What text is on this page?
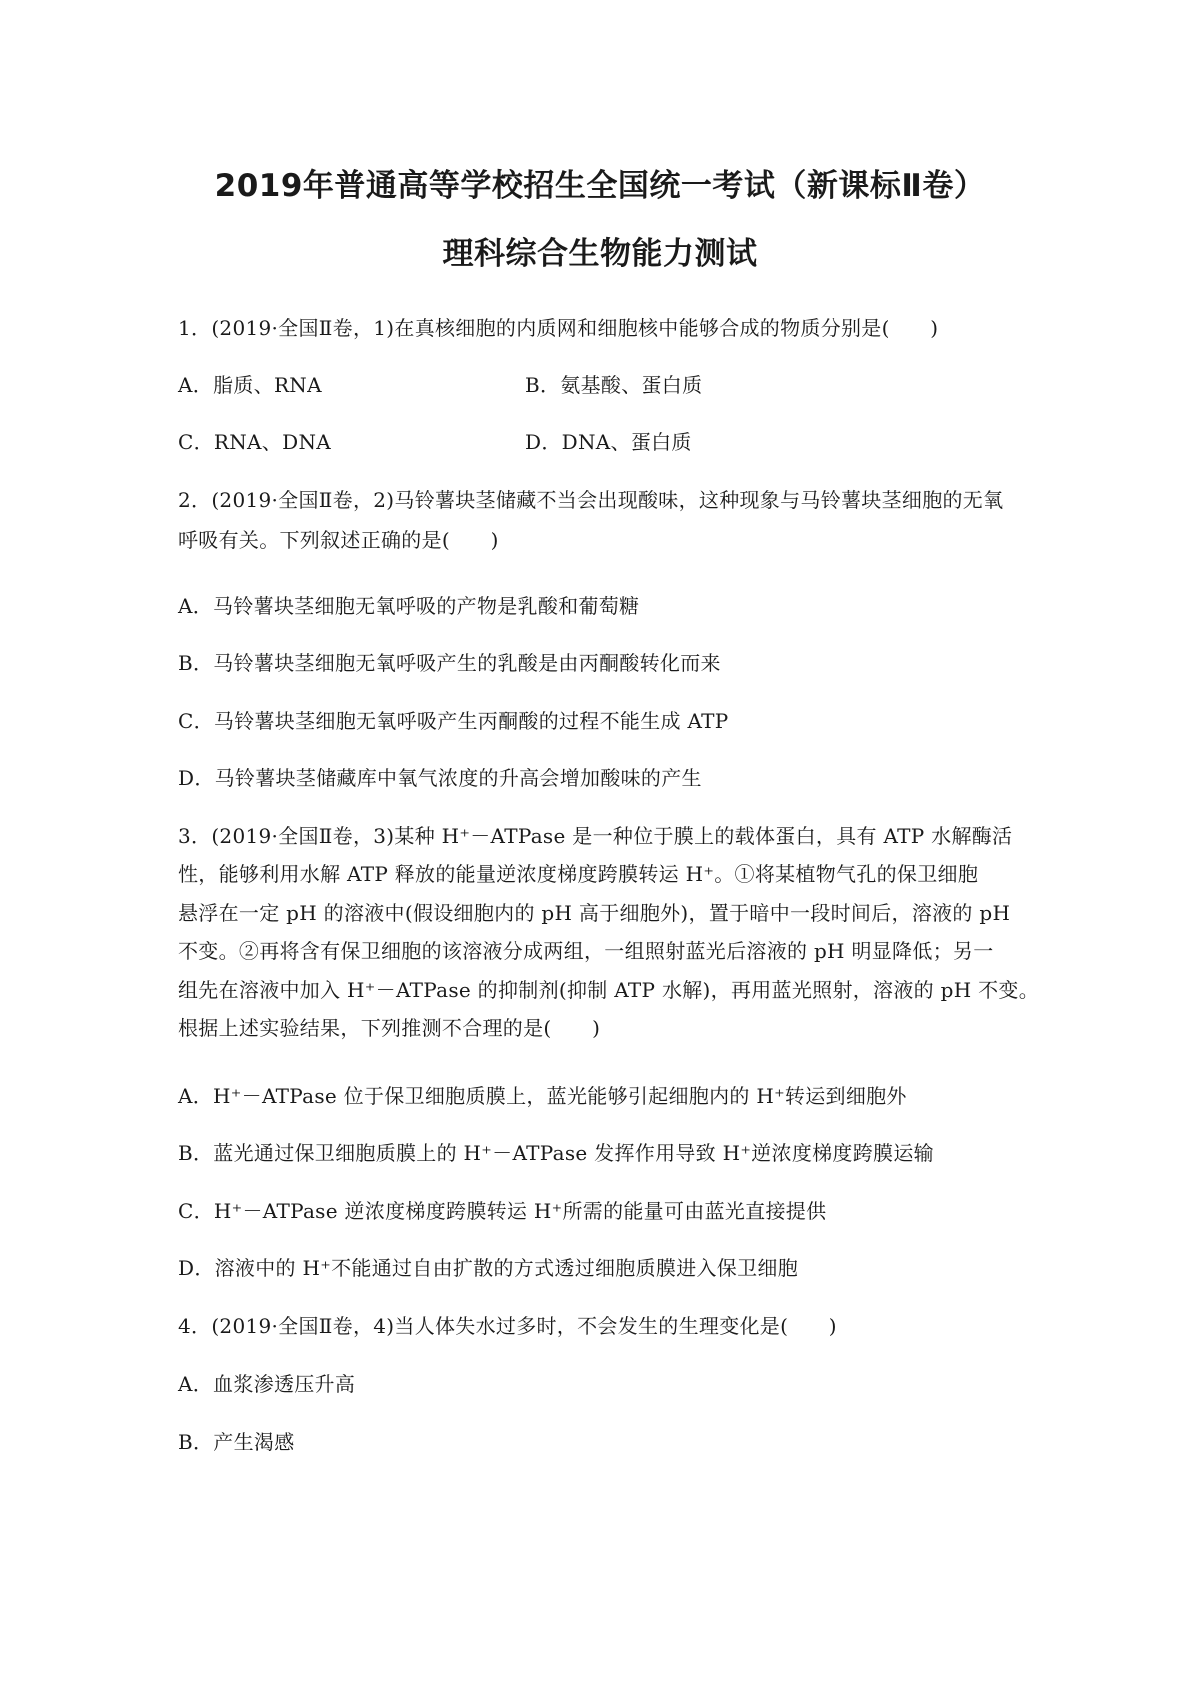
2019年普通高等学校招生全国统一考试（新课标Ⅱ卷）
理科综合生物能力测试
1．(2019·全国Ⅱ卷，1)在真核细胞的内质网和细胞核中能够合成的物质分别是(　　)
A．脂质、RNA	B．氨基酸、蛋白质
C．RNA、DNA	D．DNA、蛋白质
2．(2019·全国Ⅱ卷，2)马铃薯块茎储藏不当会出现酸味，这种现象与马铃薯块茎细胞的无氧
呼吸有关。下列叙述正确的是(　　)
A．马铃薯块茎细胞无氧呼吸的产物是乳酸和葡萄糖
B．马铃薯块茎细胞无氧呼吸产生的乳酸是由丙酮酸转化而来
C．马铃薯块茎细胞无氧呼吸产生丙酮酸的过程不能生成 ATP
D．马铃薯块茎储藏库中氧气浓度的升高会增加酸味的产生
3．(2019·全国Ⅱ卷，3)某种 H⁺－ATPase 是一种位于膜上的载体蛋白，具有 ATP 水解酶活
性，能够利用水解 ATP 释放的能量逆浓度梯度跨膜转运 H⁺。①将某植物气孔的保卫细胞
悬浮在一定 pH 的溶液中(假设细胞内的 pH 高于细胞外)，置于暗中一段时间后，溶液的 pH
不变。②再将含有保卫细胞的该溶液分成两组，一组照射蓝光后溶液的 pH 明显降低；另一
组先在溶液中加入 H⁺－ATPase 的抑制剂(抑制 ATP 水解)，再用蓝光照射，溶液的 pH 不变。
根据上述实验结果，下列推测不合理的是(　　)
A．H⁺－ATPase 位于保卫细胞质膜上，蓝光能够引起细胞内的 H⁺转运到细胞外
B．蓝光通过保卫细胞质膜上的 H⁺－ATPase 发挥作用导致 H⁺逆浓度梯度跨膜运输
C．H⁺－ATPase 逆浓度梯度跨膜转运 H⁺所需的能量可由蓝光直接提供
D．溶液中的 H⁺不能通过自由扩散的方式透过细胞质膜进入保卫细胞
4．(2019·全国Ⅱ卷，4)当人体失水过多时，不会发生的生理变化是(　　)
A．血浆渗透压升高
B．产生渴感
